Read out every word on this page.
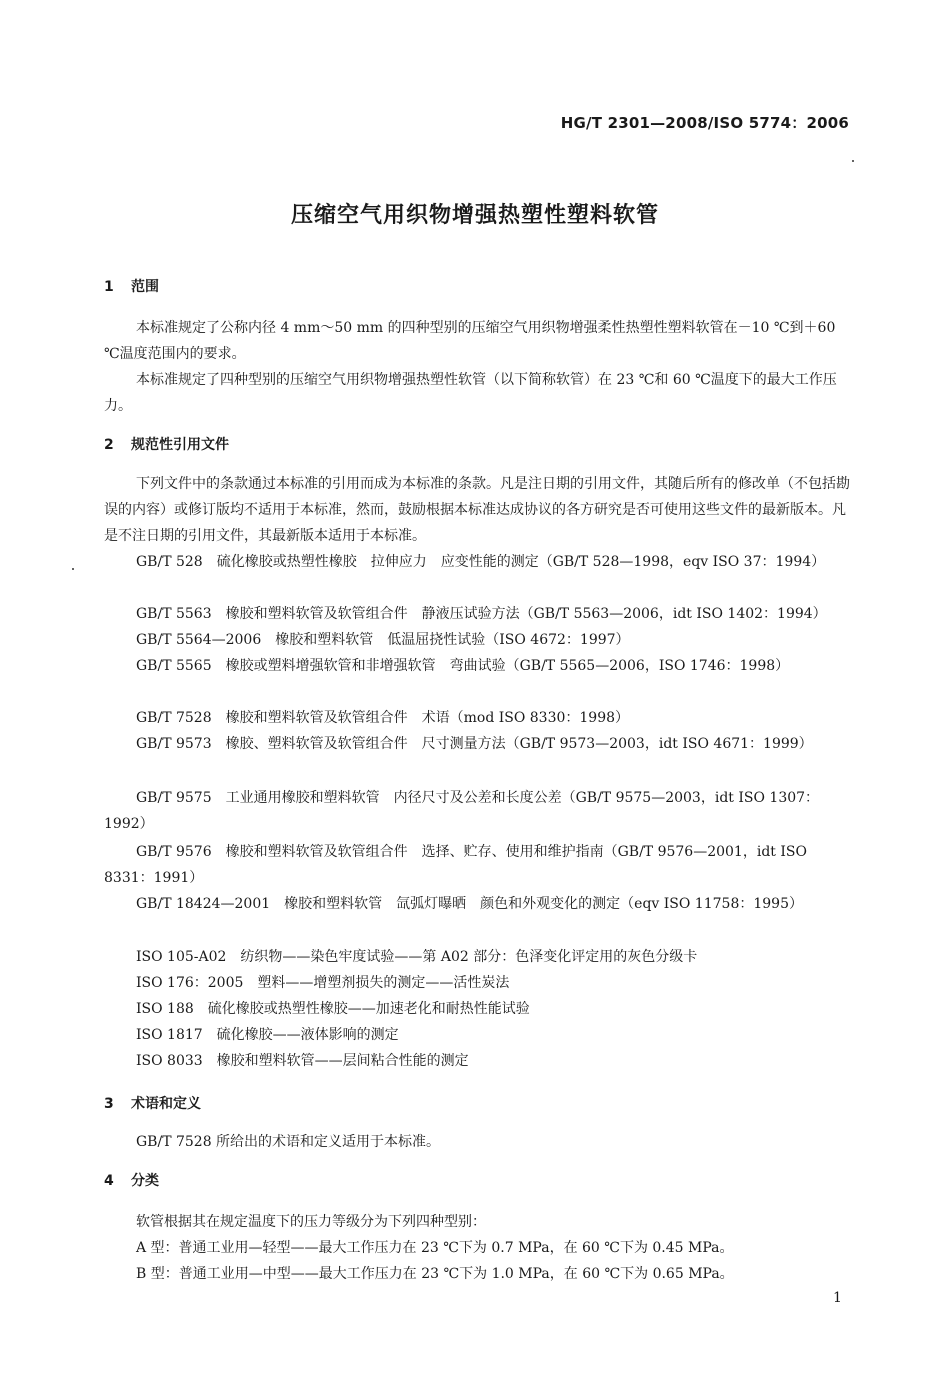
HG/T 2301—2008/ISO 5774：2006
压缩空气用织物增强热塑性塑料软管
1 范围
本标准规定了公称内径 4 mm～50 mm 的四种型别的压缩空气用织物增强柔性热塑性塑料软管在－10 ℃到＋60 ℃温度范围内的要求。
本标准规定了四种型别的压缩空气用织物增强热塑性软管（以下简称软管）在 23 ℃和 60 ℃温度下的最大工作压力。
2 规范性引用文件
下列文件中的条款通过本标准的引用而成为本标准的条款。凡是注日期的引用文件，其随后所有的修改单（不包括勘误的内容）或修订版均不适用于本标准，然而，鼓励根据本标准达成协议的各方研究是否可使用这些文件的最新版本。凡是不注日期的引用文件，其最新版本适用于本标准。
GB/T 528 硫化橡胶或热塑性橡胶　拉伸应力 应变性能的测定（GB/T 528—1998，eqv ISO 37：1994）
GB/T 5563 橡胶和塑料软管及软管组合件 静液压试验方法（GB/T 5563—2006，idt ISO 1402：1994）
GB/T 5564—2006 橡胶和塑料软管 低温屈挠性试验（ISO 4672：1997）
GB/T 5565 橡胶或塑料增强软管和非增强软管 弯曲试验（GB/T 5565—2006，ISO 1746：1998）
GB/T 7528 橡胶和塑料软管及软管组合件 术语（mod ISO 8330：1998）
GB/T 9573 橡胶、塑料软管及软管组合件 尺寸测量方法（GB/T 9573—2003，idt ISO 4671：1999）
GB/T 9575 工业通用橡胶和塑料软管 内径尺寸及公差和长度公差（GB/T 9575—2003，idt ISO 1307：1992）
GB/T 9576 橡胶和塑料软管及软管组合件 选择、贮存、使用和维护指南（GB/T 9576—2001，idt ISO 8331：1991）
GB/T 18424—2001 橡胶和塑料软管 氙弧灯曝晒　颜色和外观变化的测定（eqv ISO 11758：1995）
ISO 105-A02　纺织物——染色牢度试验——第 A02 部分：色泽变化评定用的灰色分级卡
ISO 176：2005　塑料——增塑剂损失的测定——活性炭法
ISO 188　硫化橡胶或热塑性橡胶——加速老化和耐热性能试验
ISO 1817　硫化橡胶——液体影响的测定
ISO 8033　橡胶和塑料软管——层间粘合性能的测定
3 术语和定义
GB/T 7528 所给出的术语和定义适用于本标准。
4 分类
软管根据其在规定温度下的压力等级分为下列四种型别：
A 型：普通工业用—轻型——最大工作压力在 23 ℃下为 0.7 MPa，在 60 ℃下为 0.45 MPa。
B 型：普通工业用—中型——最大工作压力在 23 ℃下为 1.0 MPa，在 60 ℃下为 0.65 MPa。
1
